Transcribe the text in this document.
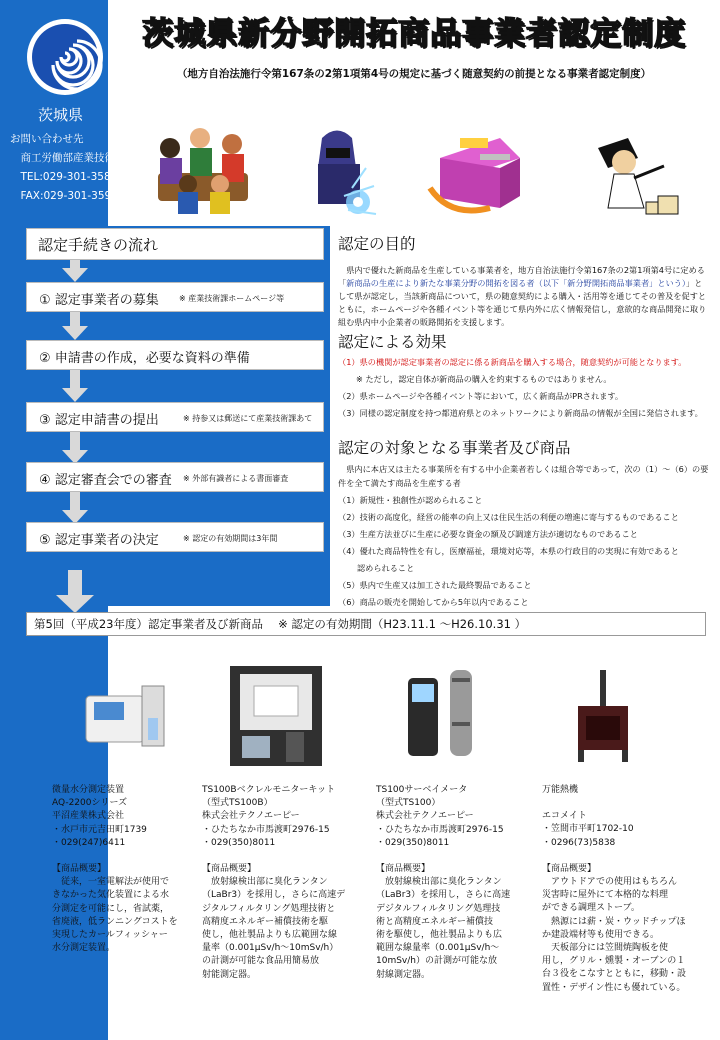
茨城県
お問い合わせ先
　商工労働部産業技術課
　TEL:029-301-3584
　FAX:029-301-3599
茨城県新分野開拓商品事業者認定制度
（地方自治法施行令第167条の2第1項第4号の規定に基づく随意契約の前提となる事業者認定制度）
認定手続きの流れ
① 認定事業者の募集	※ 産業技術課ホームページ等
② 申請書の作成，必要な資料の準備
③ 認定申請書の提出	※ 持参又は郵送にて産業技術課あて
④ 認定審査会での審査 ※ 外部有識者による書面審査
⑤ 認定事業者の決定	※ 認定の有効期間は3年間
認定の目的
　県内で優れた新商品を生産している事業者を，地方自治法施行令第167条の2第1項第4号に定める「新商品の生産により新たな事業分野の開拓を図る者（以下「新分野開拓商品事業者」という）」として県が認定し，当該新商品について，県の随意契約による購入・活用等を通じてその普及を促すとともに，ホームページや各種イベント等を通じて県内外に広く情報発信し，意欲的な商品開発に取り組む県内中小企業者の販路開拓を支援します。
認定による効果
（1）県の機関が認定事業者の認定に係る新商品を購入する場合，随意契約が可能となります。
※ ただし，認定自体が新商品の購入を約束するものではありません。
（2）県ホームページや各種イベント等において，広く新商品がPRされます。
（3）同様の認定制度を持つ都道府県とのネットワークにより新商品の情報が全国に発信されます。
認定の対象となる事業者及び商品
　県内に本店又は主たる事業所を有する中小企業者若しくは組合等であって，次の（1）～（6）の要件を全て満たす商品を生産する者
（1）新規性・独創性が認められること
（2）技術の高度化，経営の能率の向上又は住民生活の利便の増進に寄与するものであること
（3）生産方法並びに生産に必要な資金の額及び調達方法が適切なものであること
（4）優れた商品特性を有し，医療福祉，環境対応等，本県の行政目的の実現に有効であると
　　 認められること
（5）県内で生産又は加工された最終製品であること
（6）商品の販売を開始してから5年以内であること
第5回（平成23年度）認定事業者及び新商品　 ※ 認定の有効期間（H23.11.1 ～H26.10.31 ）
微量水分測定装置
AQ-2200シリーズ
平沼産業株式会社
・水戸市元吉田町1739
・029(247)6411
【商品概要】
　従来，一室電解法が使用で
きなかった気化装置による水
分測定を可能にし，省試薬，
省廃液，低ランニングコストを
実現したカールフィッシャー
水分測定装置。
TS100Bベクレルモニターキット
（型式TS100B）
株式会社テクノエーピー
・ひたちなか市馬渡町2976-15
・029(350)8011
【商品概要】
　放射線検出部に臭化ランタン
（LaBr3）を採用し，さらに高速デ
ジタルフィルタリング処理技術と
高精度エネルギー補償技術を駆
使し，他社製品よりも広範囲な線
量率（0.001μSv/h～10mSv/h）
の計測が可能な食品用簡易放
射能測定器。
TS100サーベイメータ
（型式TS100）
株式会社テクノエーピー
・ひたちなか市馬渡町2976-15
・029(350)8011
【商品概要】
　放射線検出部に臭化ランタン
（LaBr3）を採用し，さらに高速
デジタルフィルタリング処理技
術と高精度エネルギー補償技
術を駆使し，他社製品よりも広
範囲な線量率（0.001μSv/h～
10mSv/h）の計測が可能な放
射線測定器。
万能熱機
エコメイト
・笠間市平町1702-10
・0296(73)5838
【商品概要】
　アウトドアでの使用はもちろん
災害時に屋外にて本格的な料理
ができる調理ストーブ。
　熱源には薪・炭・ウッドチップほ
か建設端材等も使用できる。
　天板部分には笠間焼陶板を使
用し，グリル・燻製・オーブンの１
台３役をこなすとともに，移動・設
置性・デザイン性にも優れている。
